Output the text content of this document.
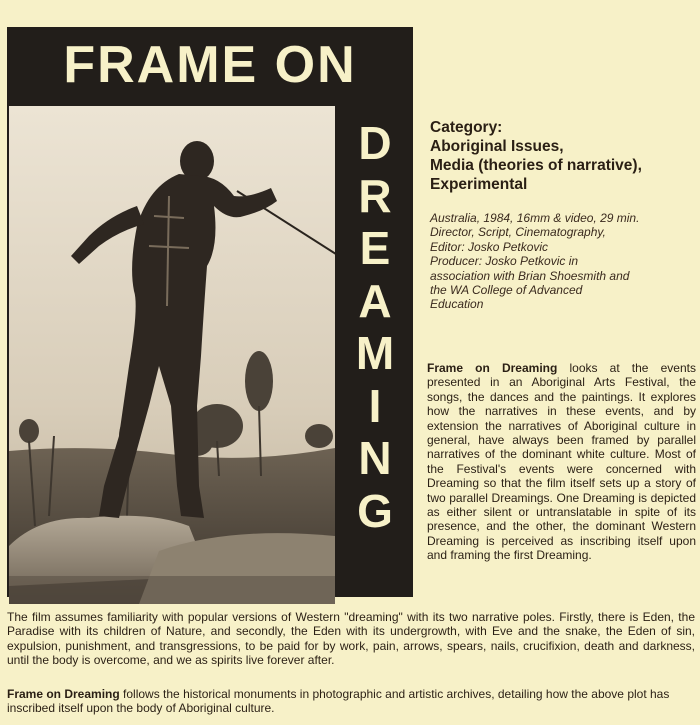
FRAME ON
D
R
E
A
M
I
N
G
Category:
Aboriginal Issues,
Media (theories of narrative),
Experimental
Australia, 1984, 16mm & video, 29 min.
Director, Script, Cinematography,
Editor: Josko Petkovic
Producer: Josko Petkovic in
association with Brian Shoesmith and
the WA College of Advanced
Education

Frame on Dreaming looks at the events presented in an Aboriginal Arts Festival, the songs, the dances and the paintings. It explores how the narratives in these events, and by extension the narratives of Aboriginal culture in general, have always been framed by parallel narratives of the dominant white culture. Most of the Festival's events were concerned with Dreaming so that the film itself sets up a story of two parallel Dreamings. One Dreaming is depicted as either silent or untranslatable in spite of its presence, and the other, the dominant Western Dreaming is perceived as inscribing itself upon and framing the first Dreaming.

The film assumes familiarity with popular versions of Western "dreaming" with its two narrative poles. Firstly, there is Eden, the Paradise with its children of Nature, and secondly, the Eden with its undergrowth, with Eve and the snake, the Eden of sin, expulsion, punishment, and transgressions, to be paid for by work, pain, arrows, spears, nails, crucifixion, death and darkness, until the body is overcome, and we as spirits live forever after.

Frame on Dreaming follows the historical monuments in photographic and artistic archives, detailing how the above plot has inscribed itself upon the body of Aboriginal culture.
